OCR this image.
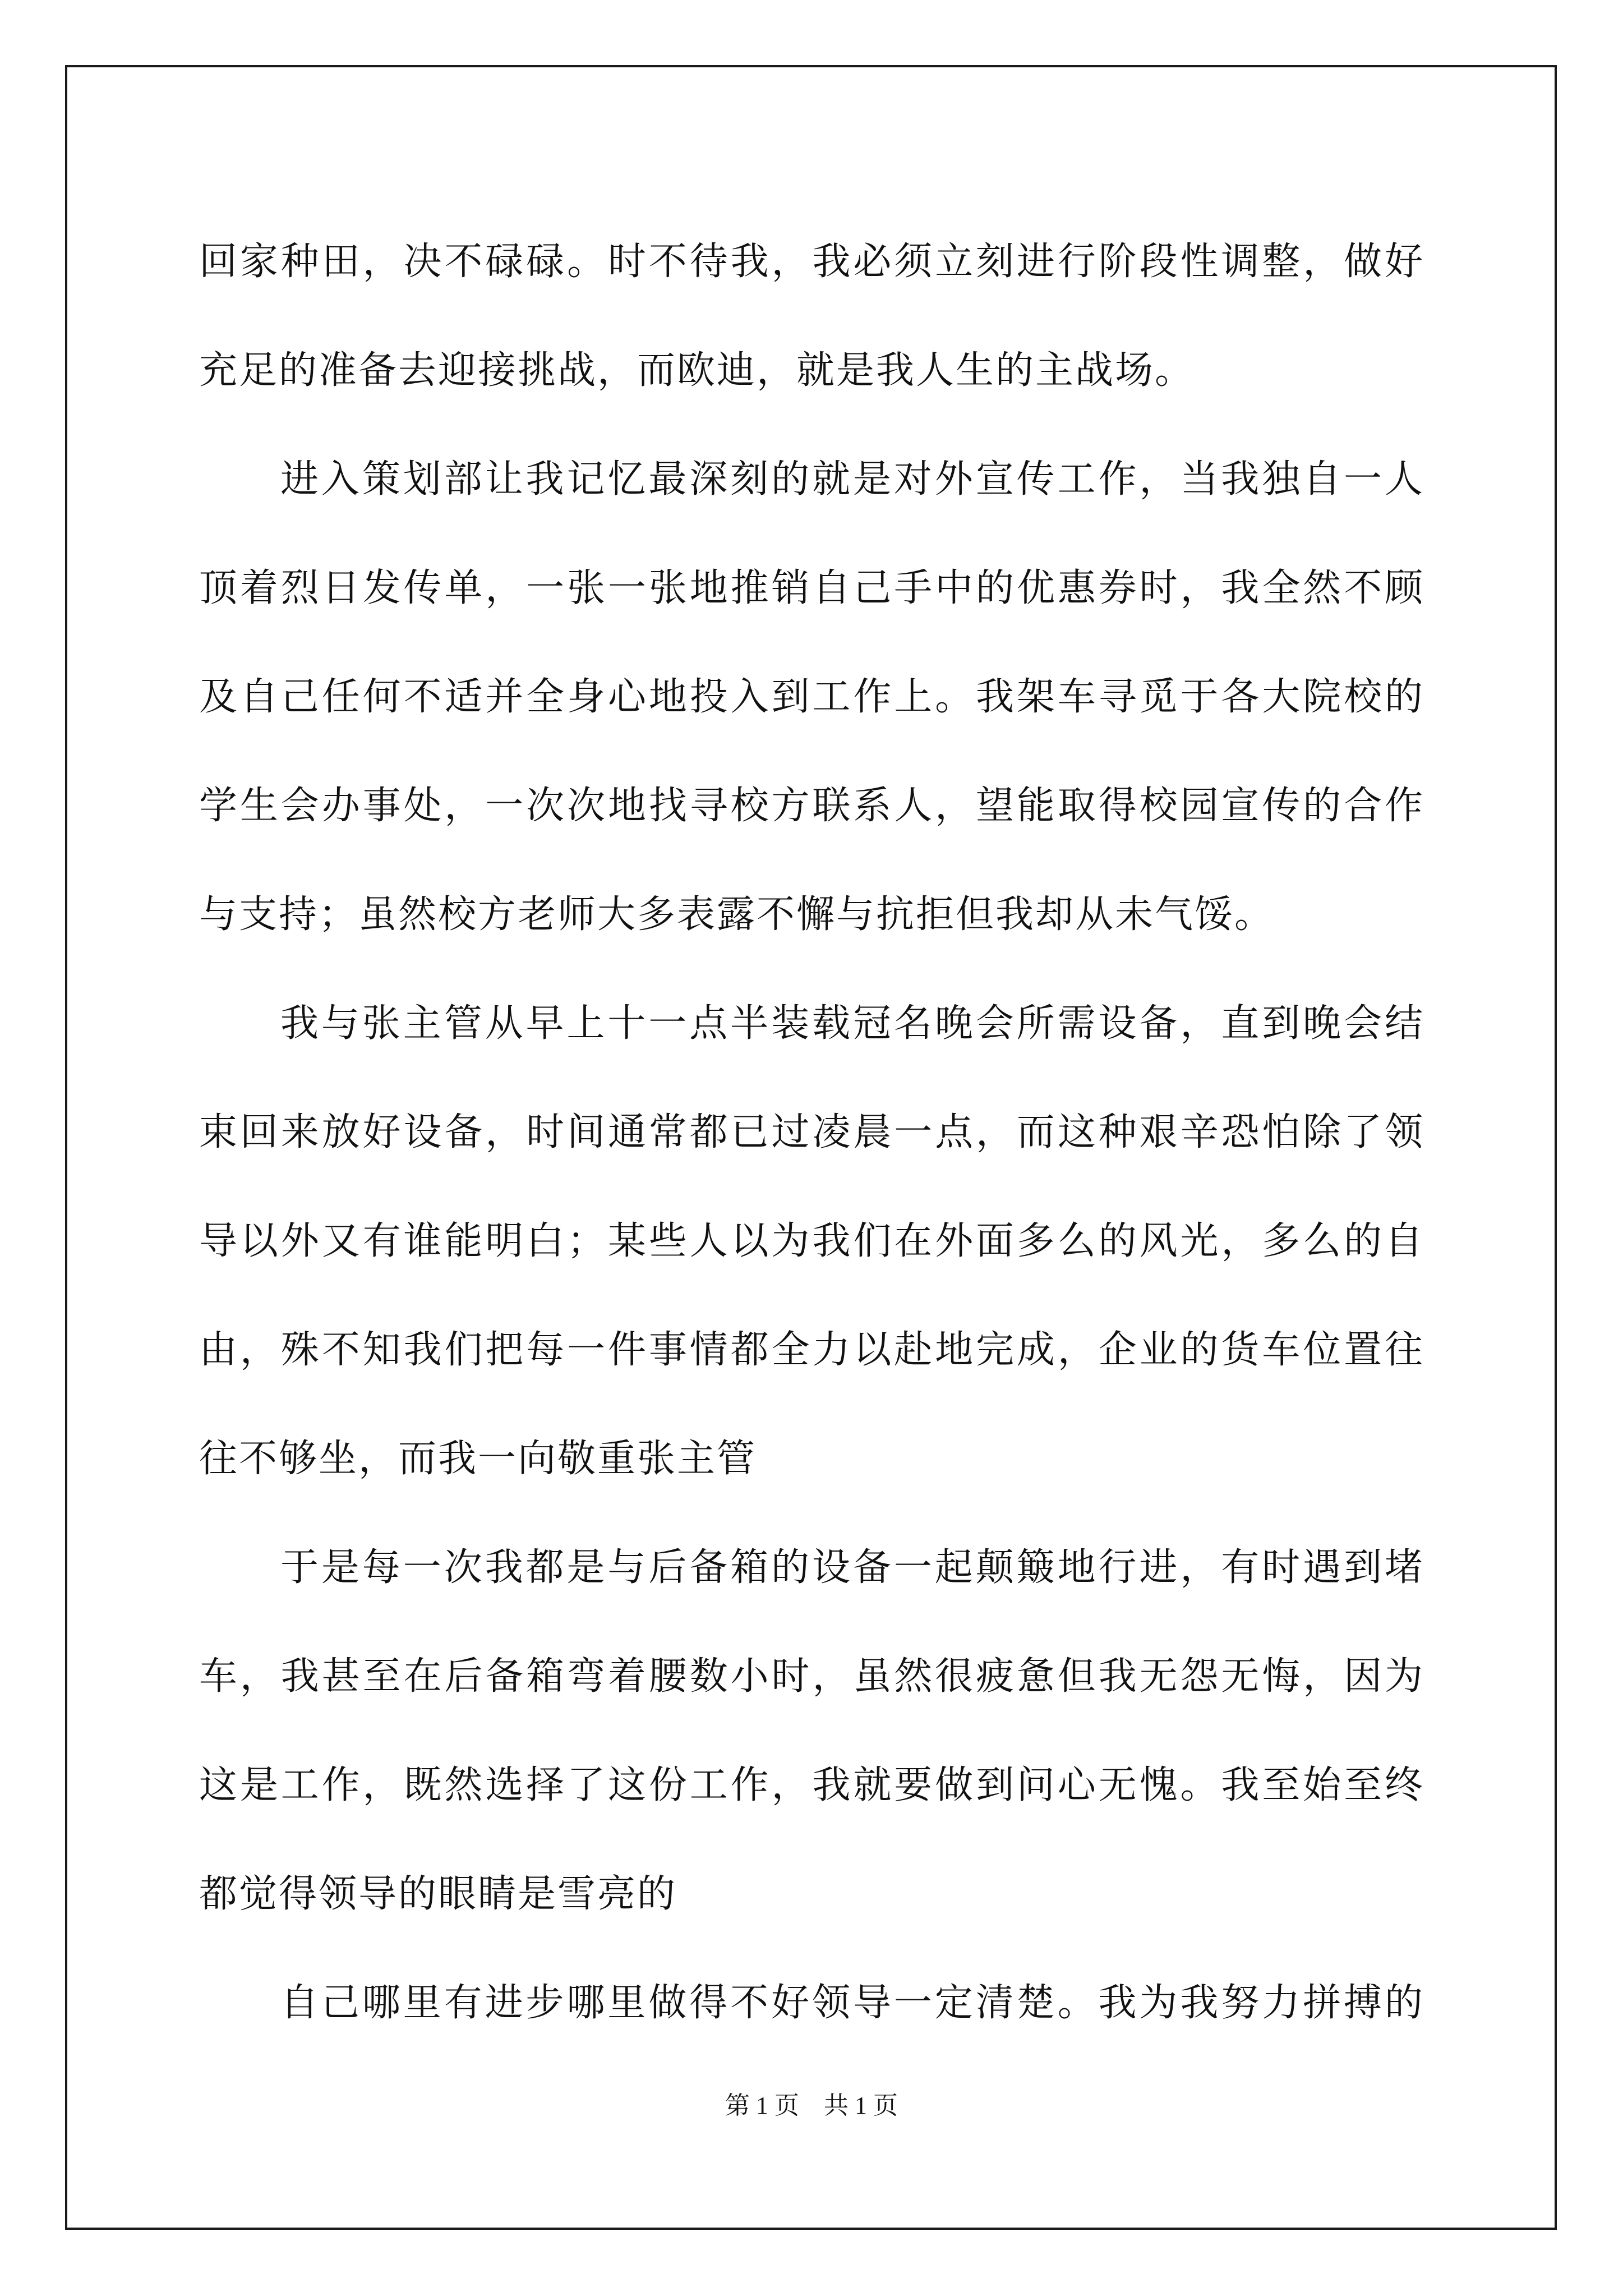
回家种田，决不碌碌。时不待我，我必须立刻进行阶段性调整，做好
充足的准备去迎接挑战，而欧迪，就是我人生的主战场。
进入策划部让我记忆最深刻的就是对外宣传工作，当我独自一人
顶着烈日发传单，一张一张地推销自己手中的优惠券时，我全然不顾
及自己任何不适并全身心地投入到工作上。我架车寻觅于各大院校的
学生会办事处，一次次地找寻校方联系人，望能取得校园宣传的合作
与支持；虽然校方老师大多表露不懈与抗拒但我却从未气馁。
我与张主管从早上十一点半装载冠名晚会所需设备，直到晚会结
束回来放好设备，时间通常都已过凌晨一点，而这种艰辛恐怕除了领
导以外又有谁能明白；某些人以为我们在外面多么的风光，多么的自
由，殊不知我们把每一件事情都全力以赴地完成，企业的货车位置往
往不够坐，而我一向敬重张主管
于是每一次我都是与后备箱的设备一起颠簸地行进，有时遇到堵
车，我甚至在后备箱弯着腰数小时，虽然很疲惫但我无怨无悔，因为
这是工作，既然选择了这份工作，我就要做到问心无愧。我至始至终
都觉得领导的眼睛是雪亮的
自己哪里有进步哪里做得不好领导一定清楚。我为我努力拼搏的
第 1 页    共 1 页
